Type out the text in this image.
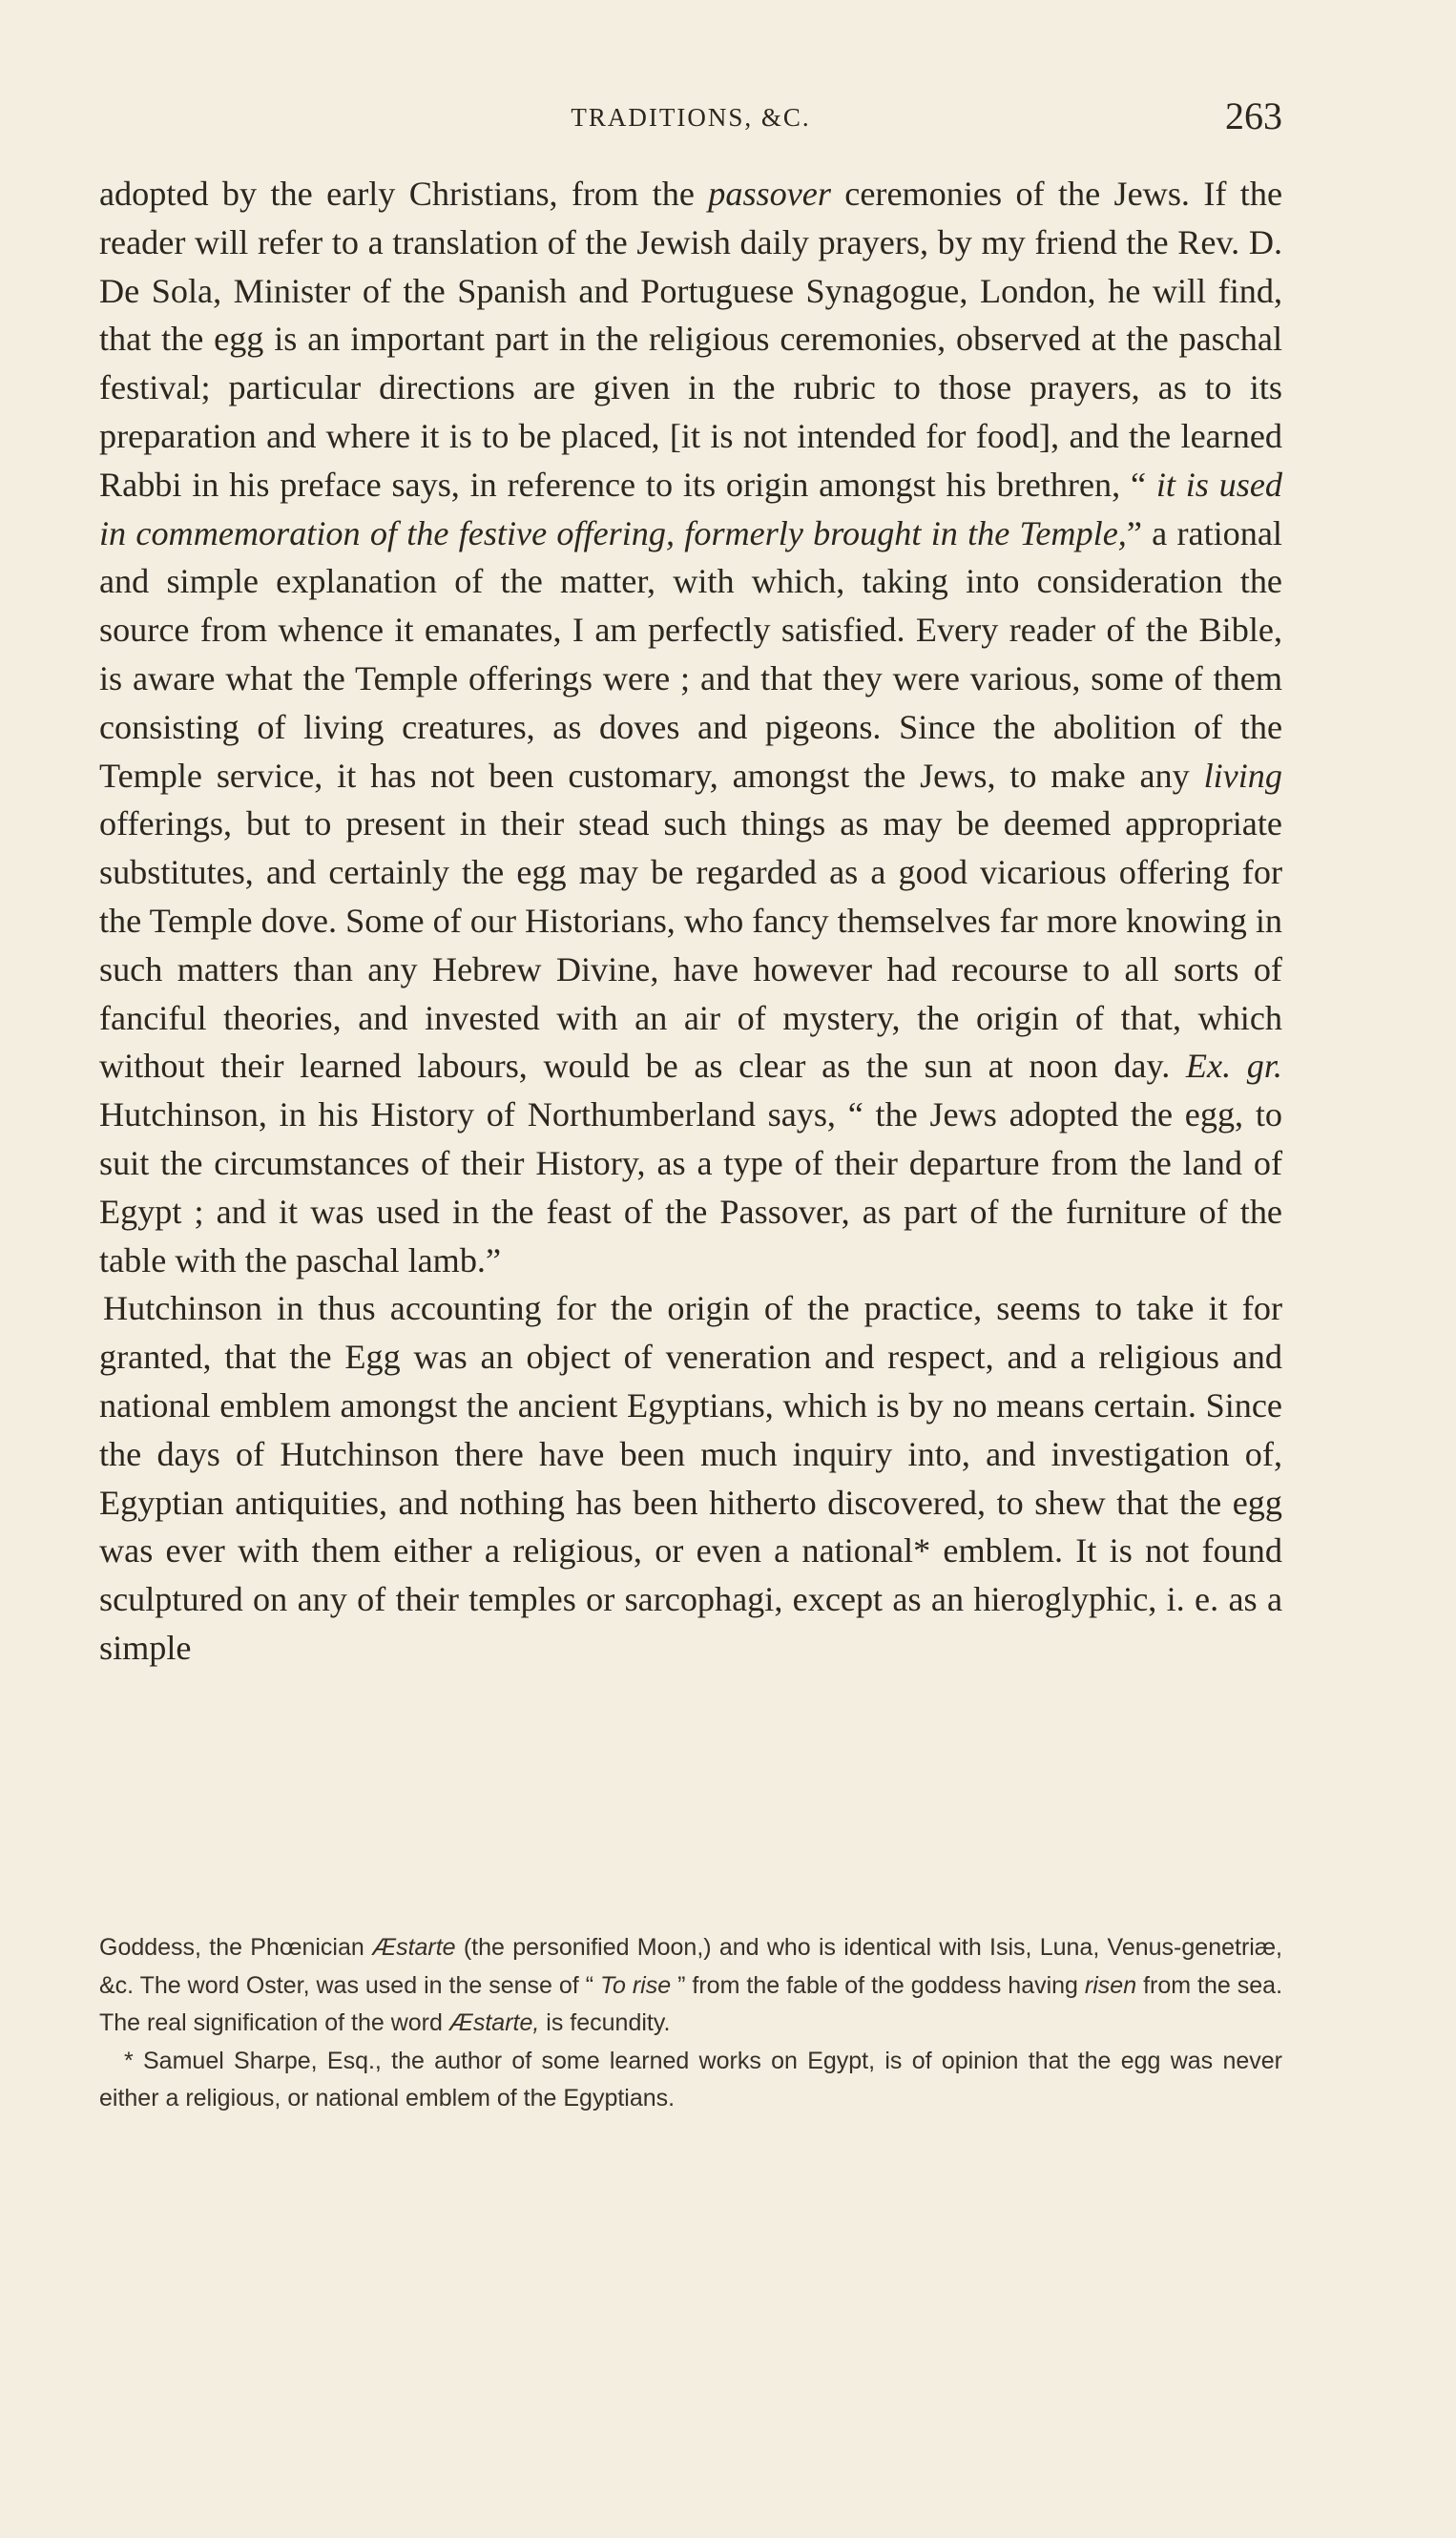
TRADITIONS, &C.	263

adopted by the early Christians, from the passover ceremonies of the Jews. If the reader will refer to a translation of the Jewish daily prayers, by my friend the Rev. D. De Sola, Minister of the Spanish and Portuguese Synagogue, London, he will find, that the egg is an important part in the religious ceremonies, observed at the paschal festival; particular directions are given in the rubric to those prayers, as to its preparation and where it is to be placed, [it is not intended for food], and the learned Rabbi in his preface says, in reference to its origin amongst his brethren, “ it is used in commemoration of the festive offering, formerly brought in the Temple,” a rational and simple explanation of the matter, with which, taking into consideration the source from whence it emanates, I am perfectly satisfied. Every reader of the Bible, is aware what the Temple offerings were ; and that they were various, some of them consisting of living creatures, as doves and pigeons. Since the abolition of the Temple service, it has not been customary, amongst the Jews, to make any living offerings, but to present in their stead such things as may be deemed appropriate substitutes, and certainly the egg may be regarded as a good vicarious offering for the Temple dove. Some of our Historians, who fancy themselves far more knowing in such matters than any Hebrew Divine, have however had recourse to all sorts of fanciful theories, and invested with an air of mystery, the origin of that, which without their learned labours, would be as clear as the sun at noon day. Ex. gr. Hutchinson, in his History of Northumberland says, “ the Jews adopted the egg, to suit the circumstances of their History, as a type of their departure from the land of Egypt ; and it was used in the feast of the Passover, as part of the furniture of the table with the paschal lamb.”

Hutchinson in thus accounting for the origin of the practice, seems to take it for granted, that the Egg was an object of veneration and respect, and a religious and national emblem amongst the ancient Egyptians, which is by no means certain. Since the days of Hutchinson there have been much inquiry into, and investigation of, Egyptian antiquities, and nothing has been hitherto discovered, to shew that the egg was ever with them either a religious, or even a national* emblem. It is not found sculptured on any of their temples or sarcophagi, except as an hieroglyphic, i. e. as a simple

Goddess, the Phœnician Æstarte (the personified Moon,) and who is identical with Isis, Luna, Venus-genetriæ, &c. The word Oster, was used in the sense of “ To rise ” from the fable of the goddess having risen from the sea. The real signification of the word Æstarte, is fecundity.

* Samuel Sharpe, Esq., the author of some learned works on Egypt, is of opinion that the egg was never either a religious, or national emblem of the Egyptians.
